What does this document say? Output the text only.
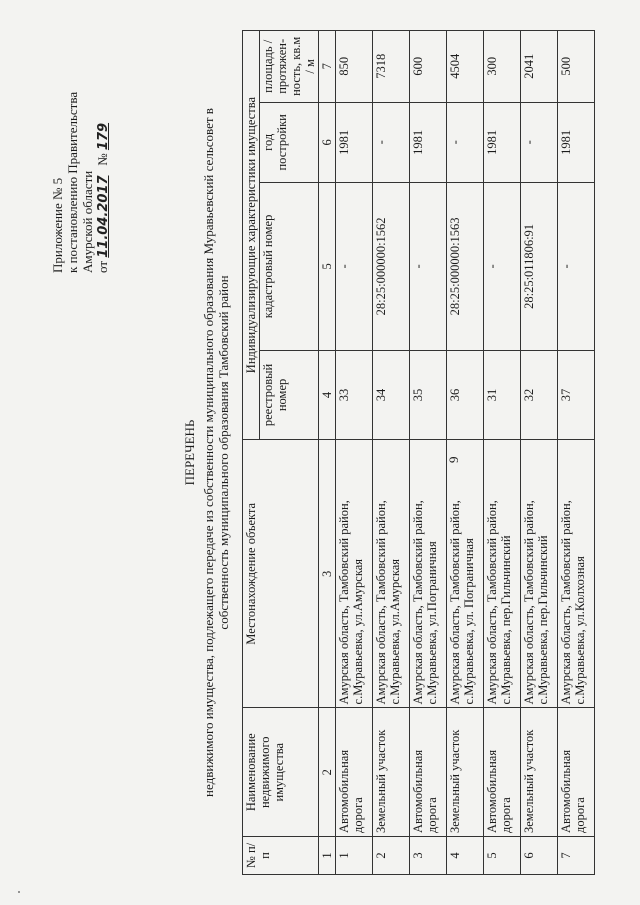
9
Приложение № 5 к постановлению Правительства Амурской области от 11.04.2017   № 179
ПЕРЕЧЕНЬ недвижимого имущества, подлежащего передаче из собственности муниципального образования Муравьевский сельсовет в собственность муниципального образования Тамбовский район
№ п/п	Наименование недвижимого имущества	Местонахождение объекта	Индивидуализирующие характеристики имущества			
			реестровый номер	кадастровый номер	год постройки	площадь / протяжен-ность, кв.м / м
1	2	3	4	5	6	7
1	Автомобильная дорога	Амурская область, Тамбовский район, с.Муравьевка, ул.Амурская	33	-	1981	850
2	Земельный участок	Амурская область, Тамбовский район, с.Муравьевка, ул.Амурская	34	28:25:000000:1562	-	7318
3	Автомобильная дорога	Амурская область, Тамбовский район, с.Муравьевка, ул.Пограничная	35	-	1981	600
4	Земельный участок	Амурская область, Тамбовский район, с.Муравьевка, ул. Пограничная	36	28:25:000000:1563	-	4504
5	Автомобильная дорога	Амурская область, Тамбовский район, с.Муравьевка, пер.Гильчинский	31	-	1981	300
6	Земельный участок	Амурская область, Тамбовский район, с.Муравьевка, пер.Гильчинский	32	28:25:011806:91	-	2041
7	Автомобильная дорога	Амурская область, Тамбовский район, с.Муравьевка, ул.Колхозная	37	-	1981	500
